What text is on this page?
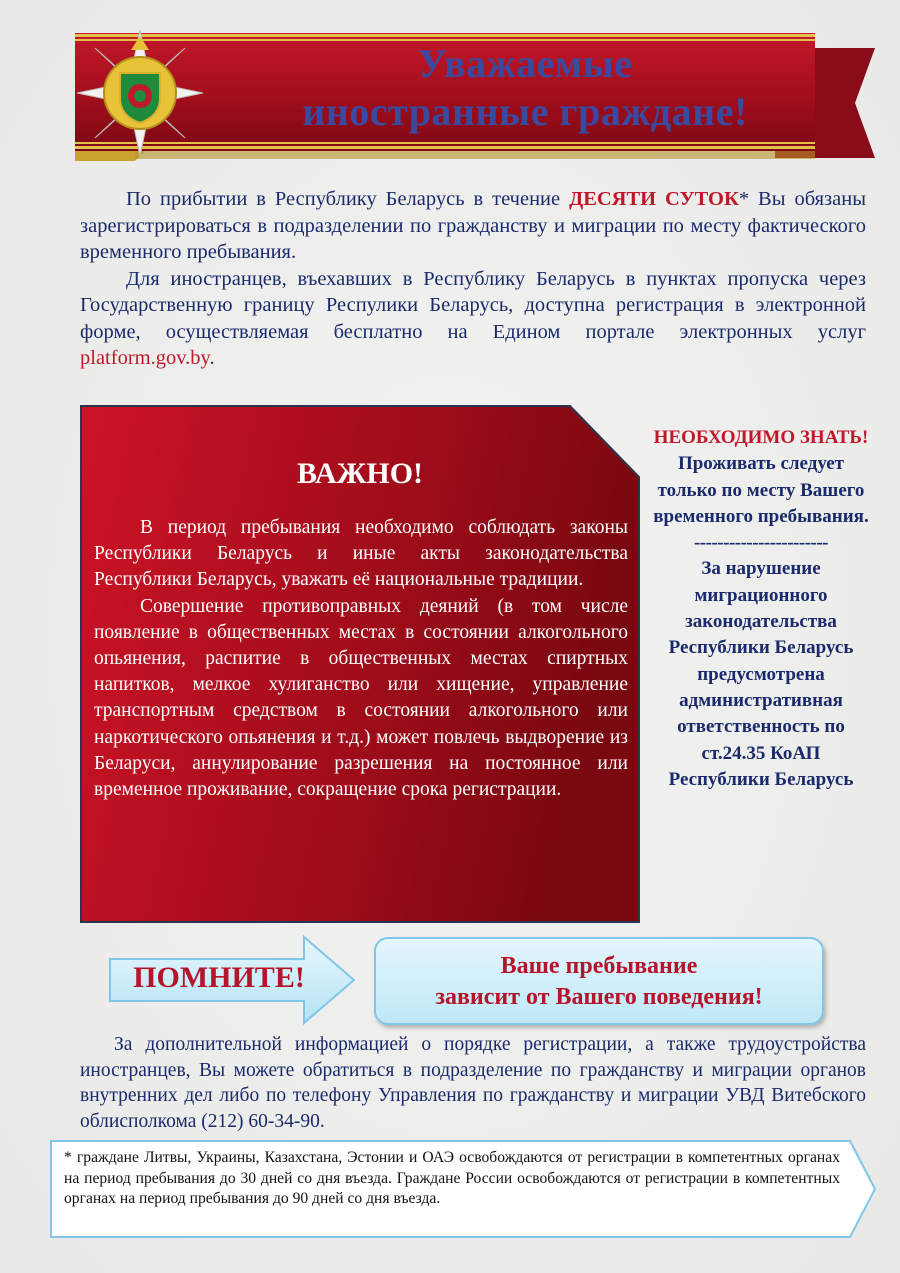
Уважаемые
иностранные граждане!

По прибытии в Республику Беларусь в течение ДЕСЯТИ СУТОК* Вы обязаны зарегистрироваться в подразделении по гражданству и миграции по месту фактического временного пребывания.

Для иностранцев, въехавших в Республику Беларусь в пунктах пропуска через Государственную границу Респулики Беларусь, доступна регистрация в электронной форме, осуществляемая бесплатно на Едином портале электронных услуг platform.gov.by.

ВАЖНО!

В период пребывания необходимо соблюдать законы Республики Беларусь и иные акты законодательства Республики Беларусь, уважать её национальные традиции.

Совершение противоправных деяний (в том числе появление в общественных местах в состоянии алкогольного опьянения, распитие в общественных местах спиртных напитков, мелкое хулиганство или хищение, управление транспортным средством в состоянии алкогольного или наркотического опьянения и т.д.) может повлечь выдворение из Беларуси, аннулирование разрешения на постоянное или временное проживание, сокращение срока регистрации.

НЕОБХОДИМО ЗНАТЬ!
Проживать следует только по месту Вашего временного пребывания.
-----------------------
За нарушение миграционного законодательства Республики Беларусь предусмотрена административная ответственность по ст.24.35 КоАП Республики Беларусь
ПОМНИТЕ!	Ваше пребывание
зависит от Вашего поведения!

За дополнительной информацией о порядке регистрации, а также трудоустройства иностранцев, Вы можете обратиться в подразделение по гражданству и миграции органов внутренних дел либо по телефону Управления по гражданству и миграции УВД Витебского облисполкома (212) 60-34-90.

* граждане Литвы, Украины, Казахстана, Эстонии и ОАЭ освобождаются от регистрации в компетентных органах на период пребывания до 30 дней со дня въезда. Граждане России освобождаются от регистрации в компетентных органах на период пребывания до 90 дней со дня въезда.
